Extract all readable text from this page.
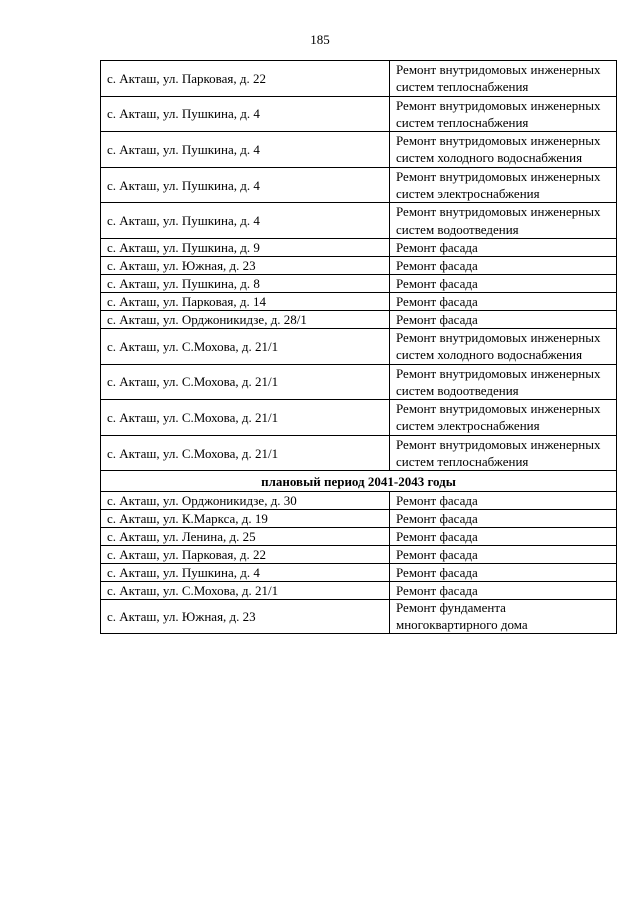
185
с. Акташ, ул. Парковая, д. 22	Ремонт внутридомовых инженерных систем теплоснабжения
с. Акташ, ул. Пушкина, д. 4	Ремонт внутридомовых инженерных систем теплоснабжения
с. Акташ, ул. Пушкина, д. 4	Ремонт внутридомовых инженерных систем холодного водоснабжения
с. Акташ, ул. Пушкина, д. 4	Ремонт внутридомовых инженерных систем электроснабжения
с. Акташ, ул. Пушкина, д. 4	Ремонт внутридомовых инженерных систем водоотведения
с. Акташ, ул. Пушкина, д. 9	Ремонт фасада
с. Акташ, ул. Южная, д. 23	Ремонт фасада
с. Акташ, ул. Пушкина, д. 8	Ремонт фасада
с. Акташ, ул. Парковая, д. 14	Ремонт фасада
с. Акташ, ул. Орджоникидзе, д. 28/1	Ремонт фасада
с. Акташ, ул. С.Мохова, д. 21/1	Ремонт внутридомовых инженерных систем холодного водоснабжения
с. Акташ, ул. С.Мохова, д. 21/1	Ремонт внутридомовых инженерных систем водоотведения
с. Акташ, ул. С.Мохова, д. 21/1	Ремонт внутридомовых инженерных систем электроснабжения
с. Акташ, ул. С.Мохова, д. 21/1	Ремонт внутридомовых инженерных систем теплоснабжения
плановый период 2041-2043 годы	
с. Акташ, ул. Орджоникидзе, д. 30	Ремонт фасада
с. Акташ, ул. К.Маркса, д. 19	Ремонт фасада
с. Акташ, ул. Ленина, д. 25	Ремонт фасада
с. Акташ, ул. Парковая, д. 22	Ремонт фасада
с. Акташ, ул. Пушкина, д. 4	Ремонт фасада
с. Акташ, ул. С.Мохова, д. 21/1	Ремонт фасада
с. Акташ, ул. Южная, д. 23	Ремонт фундамента многоквартирного дома
